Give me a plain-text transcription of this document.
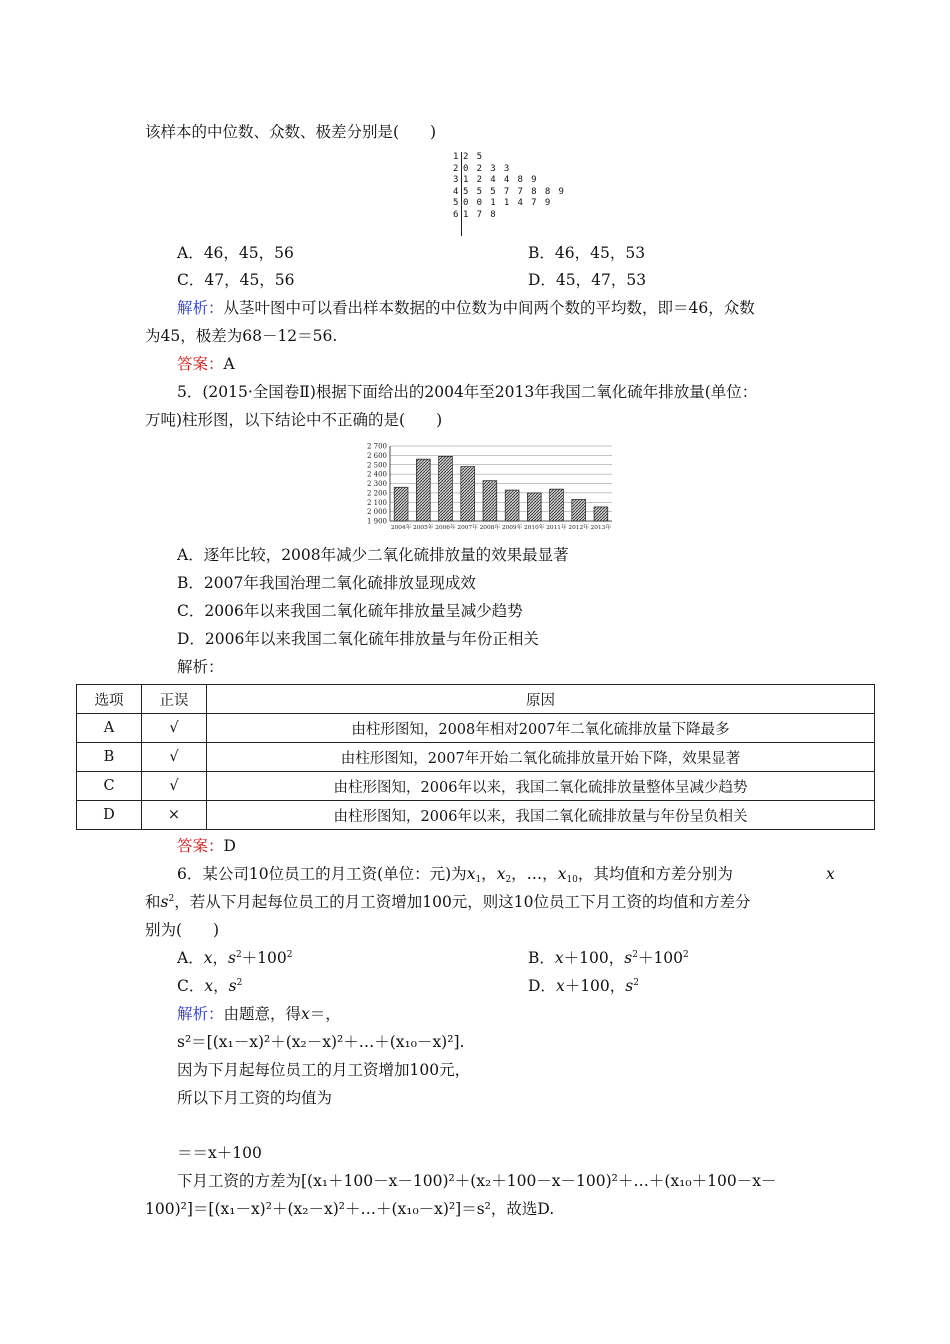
该样本的中位数、众数、极差分别是(　　)
1 2 5
2 0 2 3 3
3 1 2 4 4 8 9
4 5 5 5 7 7 8 8 9
5 0 0 1 1 4 7 9
6 1 7 8
A．46，45，56	B．46，45，53
C．47，45，56	D．45，47，53
解析：从茎叶图中可以看出样本数据的中位数为中间两个数的平均数，即＝46，众数
为45，极差为68－12＝56.
答案：A
5．(2015·全国卷Ⅱ)根据下面给出的2004年至2013年我国二氧化硫年排放量(单位：
万吨)柱形图，以下结论中不正确的是(　　)
1 900
2 000
2 100
2 200
2 300
2 400
2 500
2 600
2 700
2004年 2005年 2006年 2007年 2008年 2009年 2010年 2011年 2012年 2013年
A．逐年比较，2008年减少二氧化硫排放量的效果最显著
B．2007年我国治理二氧化硫排放显现成效
C．2006年以来我国二氧化硫年排放量呈减少趋势
D．2006年以来我国二氧化硫年排放量与年份正相关
解析：
选项	正误	原因
A	√	由柱形图知，2008年相对2007年二氧化硫排放量下降最多
B	√	由柱形图知，2007年开始二氧化硫排放量开始下降，效果显著
C	√	由柱形图知，2006年以来，我国二氧化硫排放量整体呈减少趋势
D	×	由柱形图知，2006年以来，我国二氧化硫排放量与年份呈负相关
答案：D
6．某公司10位员工的月工资(单位：元)为$x_1$，$x_2$，…，$x_{10}$，其均值和方差分别为	x
和$s^2$，若从下月起每位员工的月工资增加100元，则这10位员工下月工资的均值和方差分
别为(　　)
A．x，$s^2+100^2$	B．x＋100，$s^2+100^2$
C．x，$s^2$	D．x＋100，$s^2$
解析：由题意，得x＝，
s²＝[(x₁－x)²＋(x₂－x)²＋…＋(x₁₀－x)²].
因为下月起每位员工的月工资增加100元，
所以下月工资的均值为
＝＝x＋100
下月工资的方差为[(x₁＋100－x－100)²＋(x₂＋100－x－100)²＋…＋(x₁₀＋100－x－
100)²]＝[(x₁－x)²＋(x₂－x)²＋…＋(x₁₀－x)²]＝s²，故选D.
